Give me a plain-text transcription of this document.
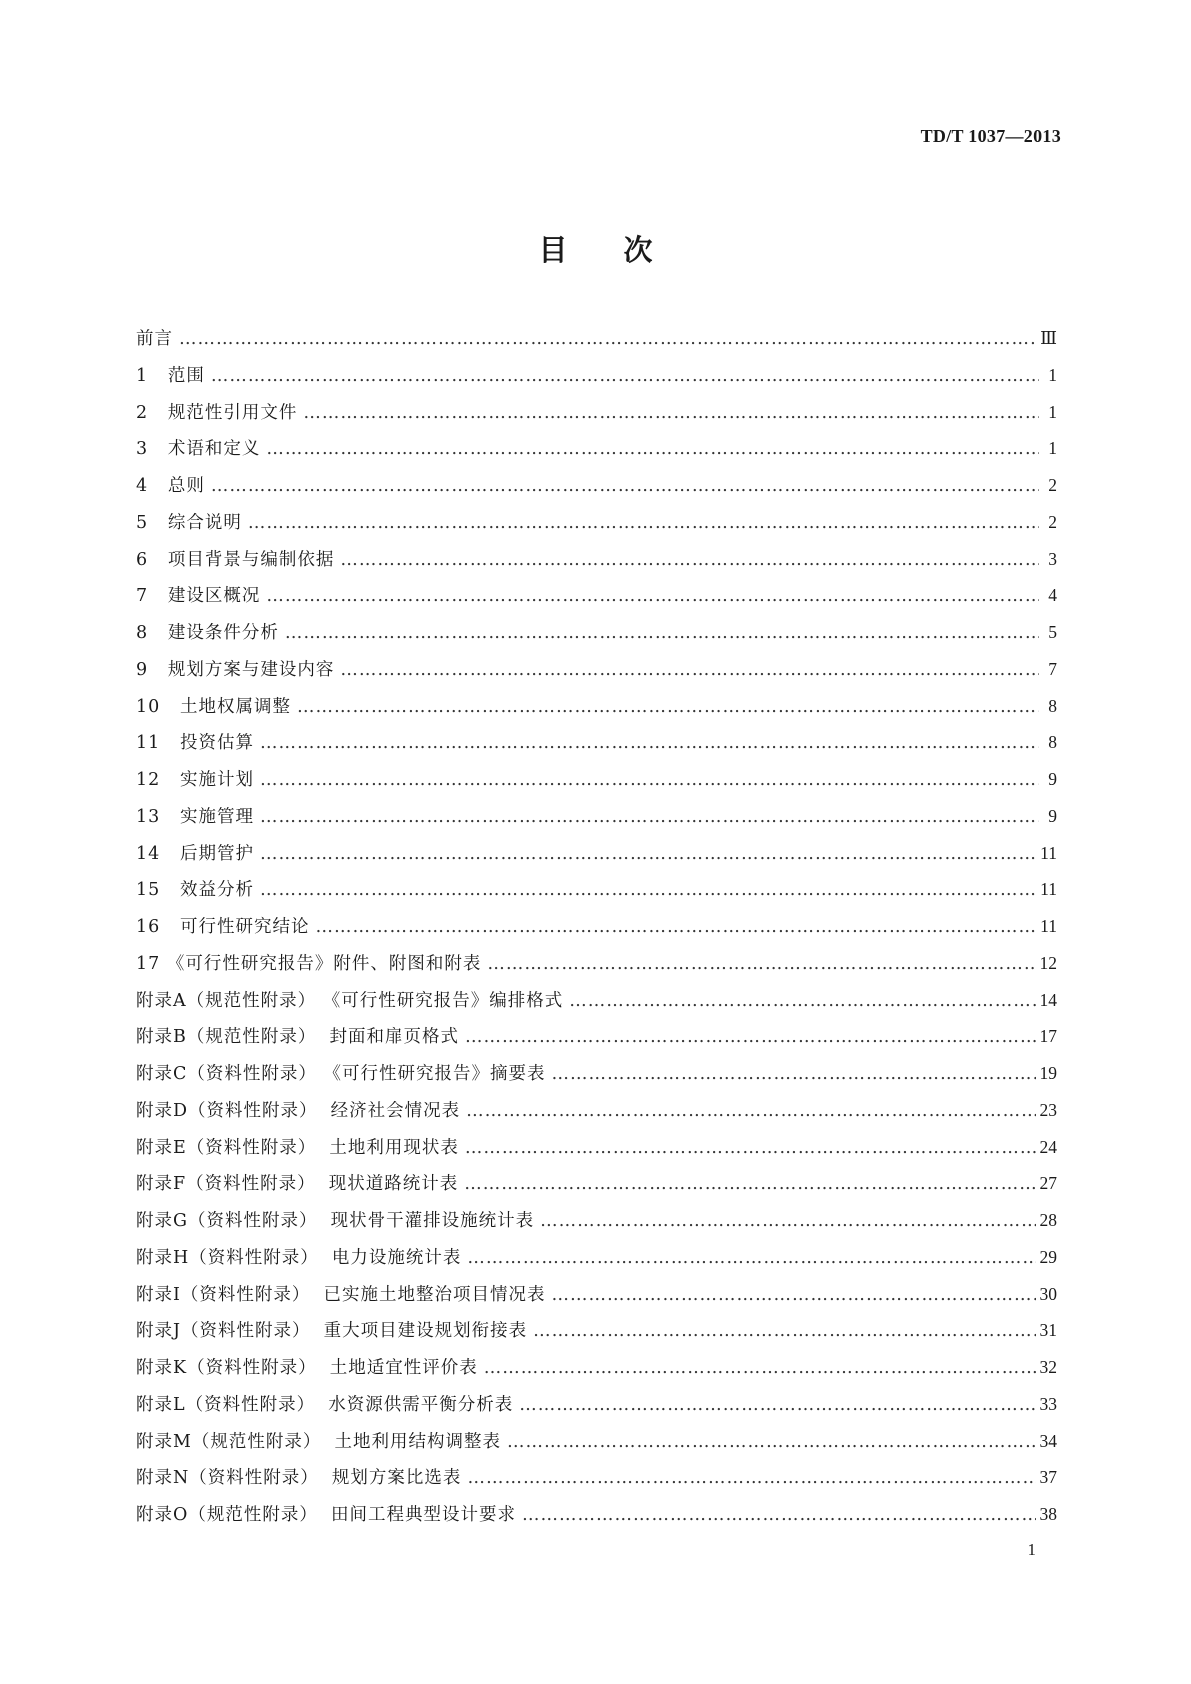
TD/T 1037—2013
目次
前言 ……………………………………………………………………………………………………………………………………………………………………………………………………………………	Ⅲ
1   范围 ……………………………………………………………………………………………………………………………………………………………………………………………………………………	1
2   规范性引用文件 ……………………………………………………………………………………………………………………………………………………………………………………………………………………	1
3   术语和定义 ……………………………………………………………………………………………………………………………………………………………………………………………………………………	1
4   总则 ……………………………………………………………………………………………………………………………………………………………………………………………………………………	2
5   综合说明 ……………………………………………………………………………………………………………………………………………………………………………………………………………………	2
6   项目背景与编制依据 ……………………………………………………………………………………………………………………………………………………………………………………………………………………	3
7   建设区概况 ……………………………………………………………………………………………………………………………………………………………………………………………………………………	4
8   建设条件分析 ……………………………………………………………………………………………………………………………………………………………………………………………………………………	5
9   规划方案与建设内容 ……………………………………………………………………………………………………………………………………………………………………………………………………………………	7
10   土地权属调整 ……………………………………………………………………………………………………………………………………………………………………………………………………………………	8
11   投资估算 ……………………………………………………………………………………………………………………………………………………………………………………………………………………	8
12   实施计划 ……………………………………………………………………………………………………………………………………………………………………………………………………………………	9
13   实施管理 ……………………………………………………………………………………………………………………………………………………………………………………………………………………	9
14   后期管护 ……………………………………………………………………………………………………………………………………………………………………………………………………………………	11
15   效益分析 ……………………………………………………………………………………………………………………………………………………………………………………………………………………	11
16   可行性研究结论 ……………………………………………………………………………………………………………………………………………………………………………………………………………………	11
17 《可行性研究报告》附件、附图和附表 ……………………………………………………………………………………………………………………………………………………………………………………………………………………	12
附录A（规范性附录） 《可行性研究报告》编排格式 ……………………………………………………………………………………………………………………………………………………………………………………………………………………	14
附录B（规范性附录）  封面和扉页格式 ……………………………………………………………………………………………………………………………………………………………………………………………………………………	17
附录C（资料性附录） 《可行性研究报告》摘要表 ……………………………………………………………………………………………………………………………………………………………………………………………………………………	19
附录D（资料性附录）  经济社会情况表 ……………………………………………………………………………………………………………………………………………………………………………………………………………………	23
附录E（资料性附录）  土地利用现状表 ……………………………………………………………………………………………………………………………………………………………………………………………………………………	24
附录F（资料性附录）  现状道路统计表 ……………………………………………………………………………………………………………………………………………………………………………………………………………………	27
附录G（资料性附录）  现状骨干灌排设施统计表 ……………………………………………………………………………………………………………………………………………………………………………………………………………………	28
附录H（资料性附录）  电力设施统计表 ……………………………………………………………………………………………………………………………………………………………………………………………………………………	29
附录I（资料性附录）  已实施土地整治项目情况表 ……………………………………………………………………………………………………………………………………………………………………………………………………………………	30
附录J（资料性附录）  重大项目建设规划衔接表 ……………………………………………………………………………………………………………………………………………………………………………………………………………………	31
附录K（资料性附录）  土地适宜性评价表 ……………………………………………………………………………………………………………………………………………………………………………………………………………………	32
附录L（资料性附录）  水资源供需平衡分析表 ……………………………………………………………………………………………………………………………………………………………………………………………………………………	33
附录M（规范性附录）  土地利用结构调整表 ……………………………………………………………………………………………………………………………………………………………………………………………………………………	34
附录N（资料性附录）  规划方案比选表 ……………………………………………………………………………………………………………………………………………………………………………………………………………………	37
附录O（规范性附录）  田间工程典型设计要求 ……………………………………………………………………………………………………………………………………………………………………………………………………………………	38
1
